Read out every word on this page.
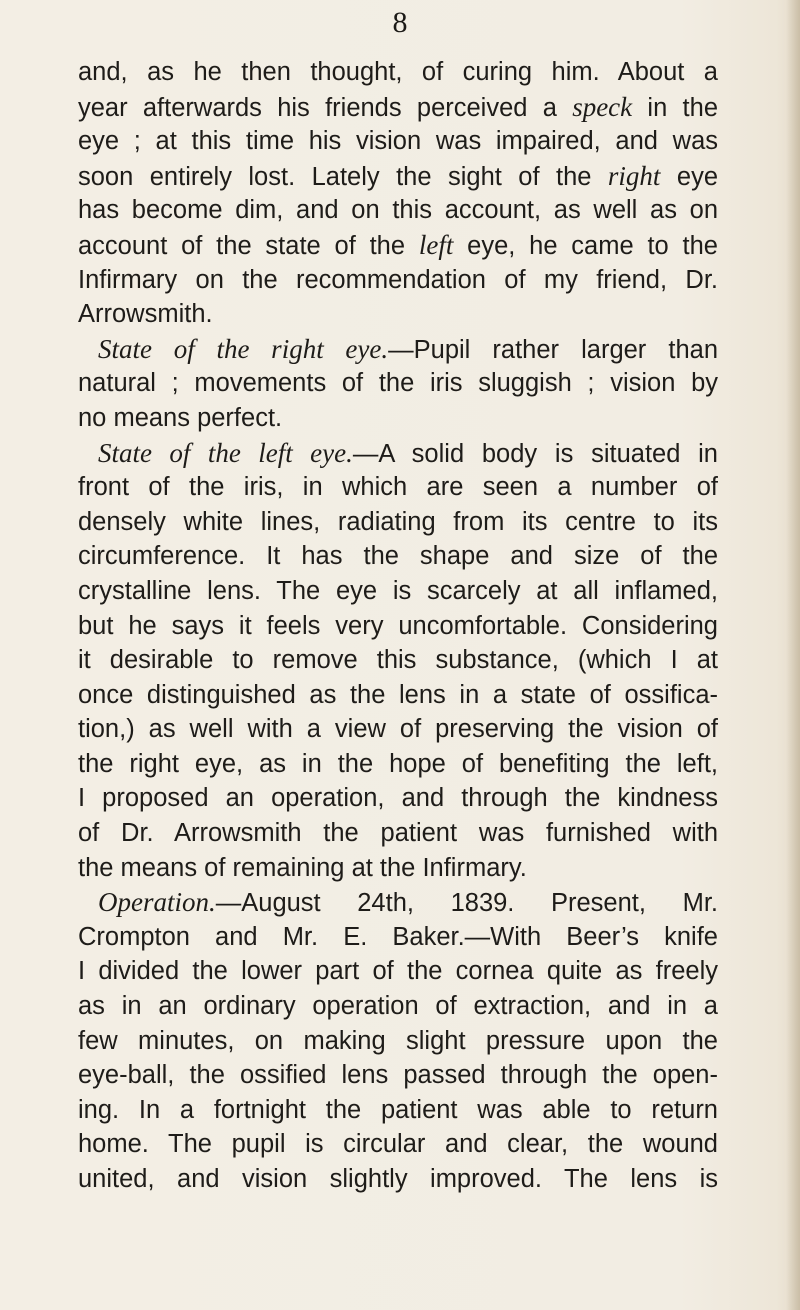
8
and, as he then thought, of curing him. About a
year afterwards his friends perceived a speck in the
eye ; at this time his vision was impaired, and was
soon entirely lost. Lately the sight of the right eye
has become dim, and on this account, as well as on
account of the state of the left eye, he came to the
Infirmary on the recommendation of my friend, Dr.
Arrowsmith.
State of the right eye.—Pupil rather larger than
natural ; movements of the iris sluggish ; vision by
no means perfect.
State of the left eye.—A solid body is situated in
front of the iris, in which are seen a number of
densely white lines, radiating from its centre to its
circumference. It has the shape and size of the
crystalline lens. The eye is scarcely at all inflamed,
but he says it feels very uncomfortable. Considering
it desirable to remove this substance, (which I at
once distinguished as the lens in a state of ossifica-
tion,) as well with a view of preserving the vision of
the right eye, as in the hope of benefiting the left,
I proposed an operation, and through the kindness
of Dr. Arrowsmith the patient was furnished with
the means of remaining at the Infirmary.
Operation.—August 24th, 1839. Present, Mr.
Crompton and Mr. E. Baker.—With Beer’s knife
I divided the lower part of the cornea quite as freely
as in an ordinary operation of extraction, and in a
few minutes, on making slight pressure upon the
eye-ball, the ossified lens passed through the open-
ing. In a fortnight the patient was able to return
home. The pupil is circular and clear, the wound
united, and vision slightly improved. The lens is
